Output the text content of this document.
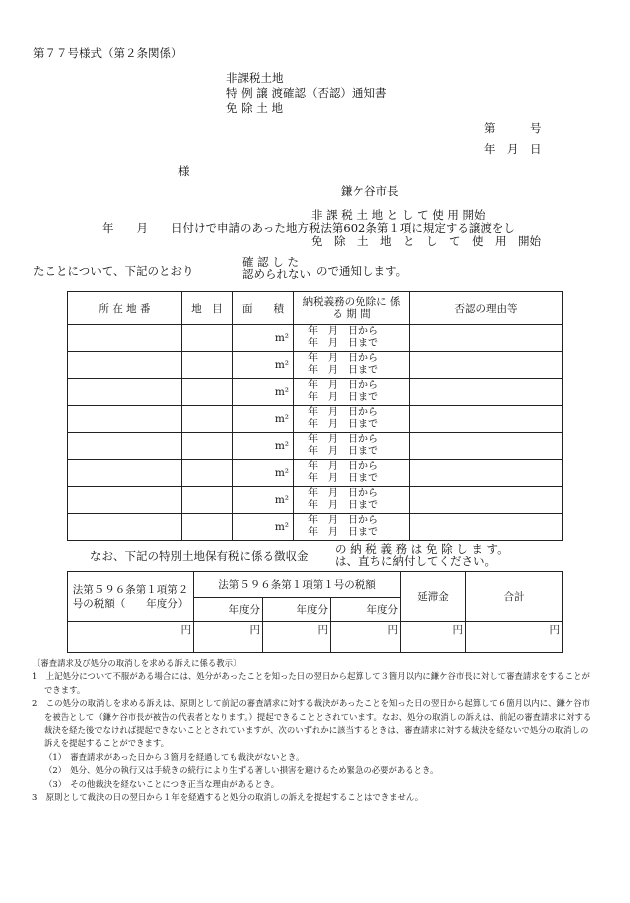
第７７号様式（第２条関係）
非課税土地
特 例 譲 渡確認（否認）通知書
免 除 土 地
第　　　号
年　月　日
様
鎌ケ谷市長
非 課 税 土 地 と し て 使 用 開始
年　　月　　日付けで申請のあった地方税法第602条第１項に規定する譲渡をし
免　除　土　地　と　し　て　使　用　開始
たことについて、下記のとおり
確 認 し た
認められない ので通知します。
所 在 地 番	地　目	面　　積	納税義務の免除に 係 る 期 間	否認の理由等
		m²	年　月　日から
年　月　日まで	

		m²	年　月　日から
年　月　日まで	

		m²	年　月　日から
年　月　日まで	

		m²	年　月　日から
年　月　日まで	

		m²	年　月　日から
年　月　日まで	

		m²	年　月　日から
年　月　日まで	

		m²	年　月　日から
年　月　日まで	

		m²	年　月　日から
年　月　日まで	

なお、下記の特別土地保有税に係る徴収金 の 納 税 義 務 は 免 除 し ま す。
は、直ちに納付してください。
法第５９６条第１項第２号の税額（　　年度分）	法第５９６条第１項第１号の税額			延滞金	合計
	年度分	年度分	年度分		
円	円	円	円	円	円

〔審査請求及び処分の取消しを求める訴えに係る教示〕

1　上記処分について不服がある場合には、処分があったことを知った日の翌日から起算して３箇月以内に鎌ケ谷市長に対して審査請求をすることができます。

2　この処分の取消しを求める訴えは、原則として前記の審査請求に対する裁決があったことを知った日の翌日から起算して６箇月以内に、鎌ケ谷市を被告として（鎌ケ谷市長が被告の代表者となります。）提起できることとされています。なお、処分の取消しの訴えは、前記の審査請求に対する裁決を経た後でなければ提起できないこととされていますが、次のいずれかに該当するときは、審査請求に対する裁決を経ないで処分の取消しの訴えを提起することができます。

（1）　審査請求があった日から３箇月を経過しても裁決がないとき。

（2）　処分、処分の執行又は手続きの続行により生ずる著しい損害を避けるため緊急の必要があるとき。

（3）　その他裁決を経ないことにつき正当な理由があるとき。

3　原則として裁決の日の翌日から１年を経過すると処分の取消しの訴えを提起することはできません。
